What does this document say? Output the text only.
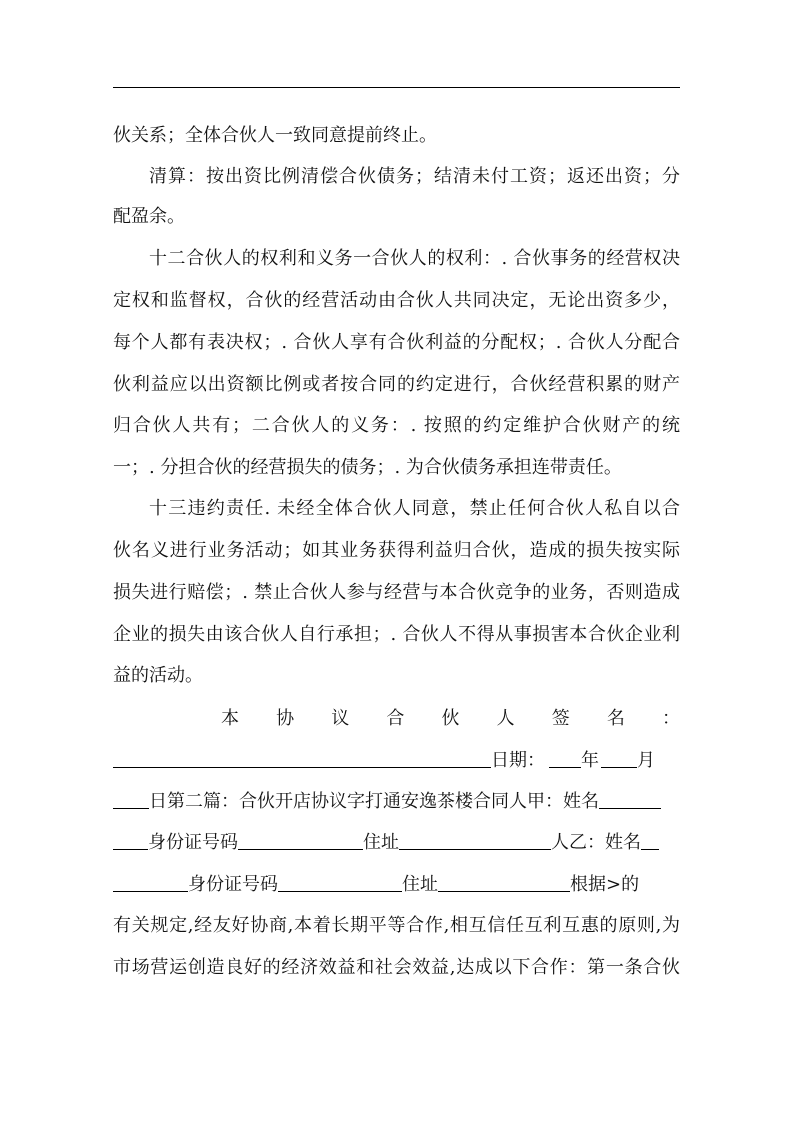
伙关系；全体合伙人一致同意提前终止。
清算：按出资比例清偿合伙债务；结清未付工资；返还出资；分
配盈余。
十二合伙人的权利和义务一合伙人的权利：. 合伙事务的经营权决
定权和监督权，合伙的经营活动由合伙人共同决定，无论出资多少，
每个人都有表决权；. 合伙人享有合伙利益的分配权；. 合伙人分配合
伙利益应以出资额比例或者按合同的约定进行，合伙经营积累的财产
归合伙人共有；二合伙人的义务：. 按照的约定维护合伙财产的统
一；. 分担合伙的经营损失的债务；. 为合伙债务承担连带责任。
十三违约责任. 未经全体合伙人同意，禁止任何合伙人私自以合
伙名义进行业务活动；如其业务获得利益归合伙，造成的损失按实际
损失进行赔偿；. 禁止合伙人参与经营与本合伙竞争的业务，否则造成
企业的损失由该合伙人自行承担；. 合伙人不得从事损害本合伙企业利
益的活动。
本 协 议 合 伙 人 签 名 ：
日期： 年 月
日第二篇：合伙开店协议字打通安逸茶楼合同人甲：姓名
身份证号码	住址	人乙：姓名
身份证号码	住址	根据>的
有关规定,经友好协商,本着长期平等合作,相互信任互利互惠的原则,为
市场营运创造良好的经济效益和社会效益,达成以下合作：第一条合伙
